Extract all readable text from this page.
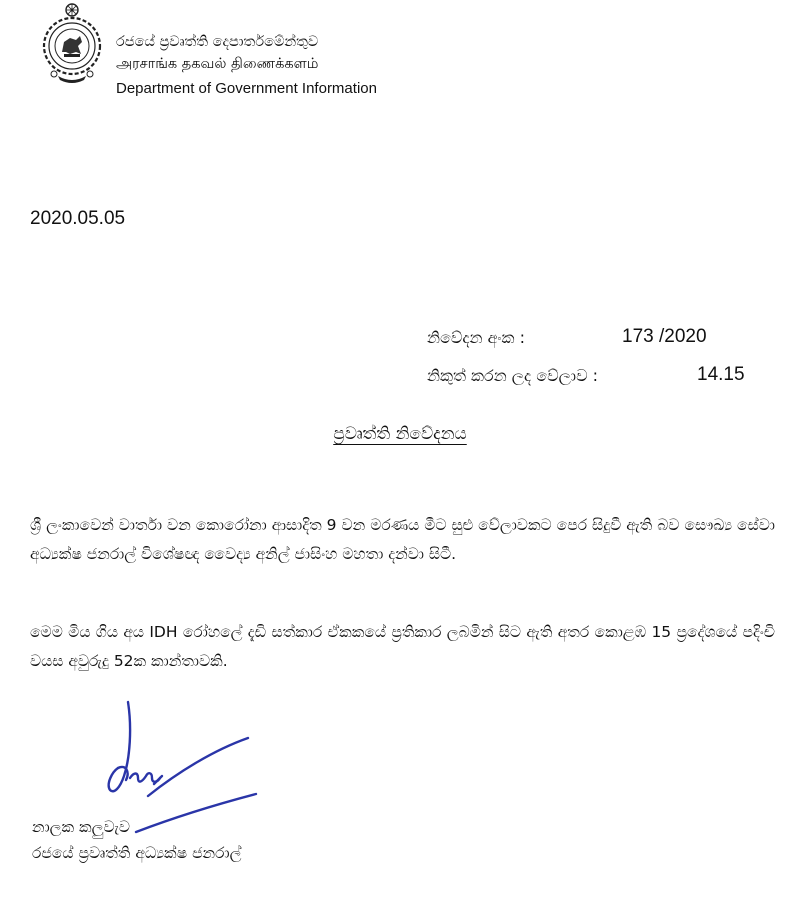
රජයේ ප්‍රවෘත්ති දෙපාර්තමේන්තුව
அரசாங்க தகவல் திணைக்களம்
Department of Government Information
2020.05.05
නිවේදන අංක :	173 /2020
නිකුත් කරන ලද වේලාව :	14.15
ප්‍රවෘත්ති නිවේදනය
ශ්‍රී ලංකාවෙන් වාර්තා වන කොරෝනා ආසාදිත 9 වන මරණය මීට සුළු වේලාවකට පෙර සිදුවී ඇති බව සෞඛ්‍ය සේවා අධ්‍යක්ෂ ජනරාල් විශේෂඥ වෛද්‍ය අනිල් ජාසිංහ මහතා දන්වා සිටී.
මෙම මිය ගිය අය IDH රෝහලේ දැඩි සත්කාර ඒකකයේ ප්‍රතිකාර ලබමින් සිට ඇති අතර කොළඹ 15 ප්‍රදේශයේ පදිංචි වයස අවුරුදු 52ක කාන්තාවකි.
නාලක කලුවැව
රජයේ ප්‍රවෘත්ති අධ්‍යක්ෂ ජනරාල්
